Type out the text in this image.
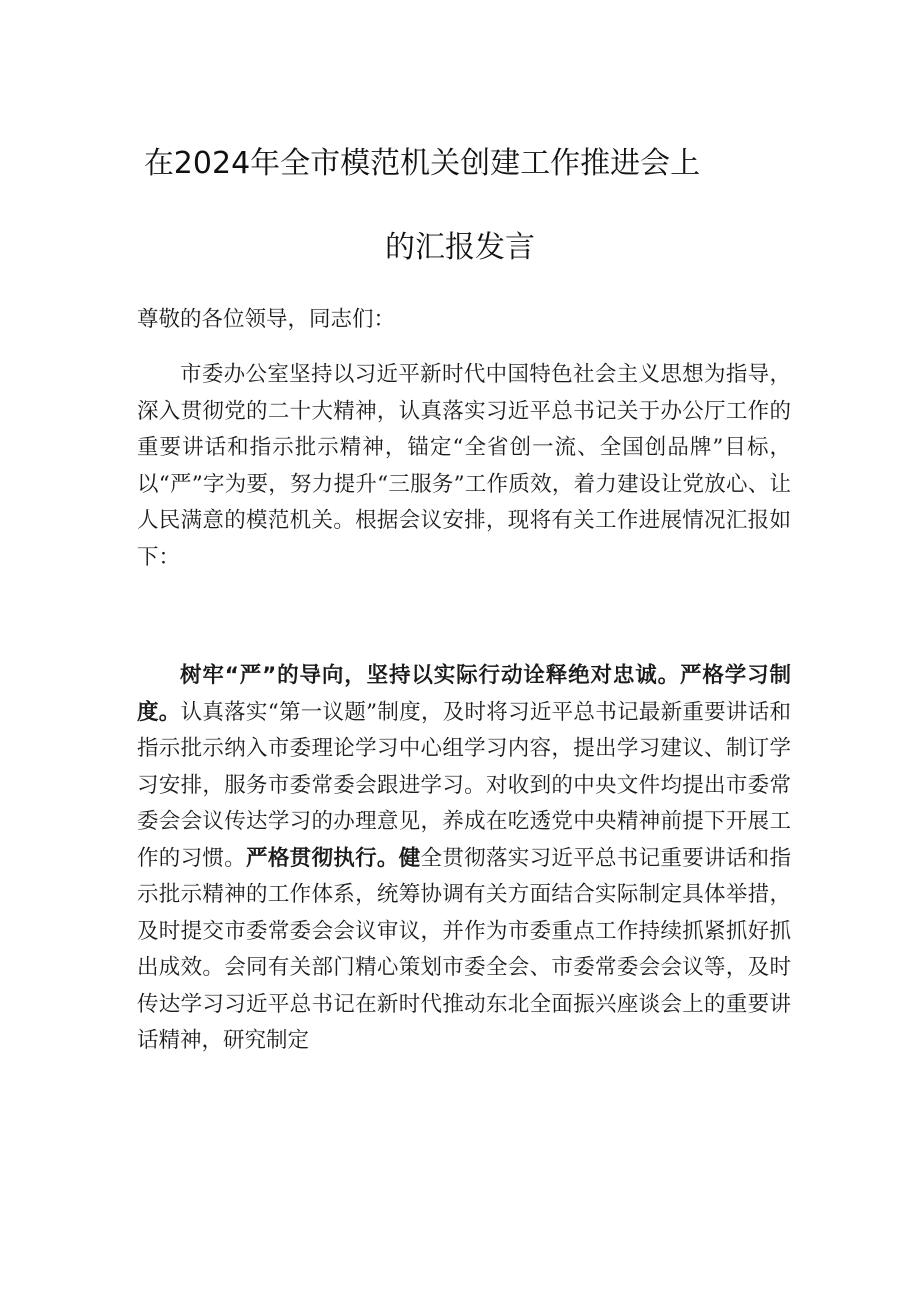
在2024年全市模范机关创建工作推进会上
的汇报发言

尊敬的各位领导，同志们：

市委办公室坚持以习近平新时代中国特色社会主义思想为指导，深入贯彻党的二十大精神，认真落实习近平总书记关于办公厅工作的重要讲话和指示批示精神，锚定“全省创一流、全国创品牌”目标，以“严”字为要，努力提升“三服务”工作质效，着力建设让党放心、让人民满意的模范机关。根据会议安排，现将有关工作进展情况汇报如下：

树牢“严”的导向，坚持以实际行动诠释绝对忠诚。严格学习制度。认真落实“第一议题”制度，及时将习近平总书记最新重要讲话和指示批示纳入市委理论学习中心组学习内容，提出学习建议、制订学习安排，服务市委常委会跟进学习。对收到的中央文件均提出市委常委会会议传达学习的办理意见，养成在吃透党中央精神前提下开展工作的习惯。严格贯彻执行。健全贯彻落实习近平总书记重要讲话和指示批示精神的工作体系，统筹协调有关方面结合实际制定具体举措，及时提交市委常委会会议审议，并作为市委重点工作持续抓紧抓好抓出成效。会同有关部门精心策划市委全会、市委常委会会议等，及时传达学习习近平总书记在新时代推动东北全面振兴座谈会上的重要讲话精神，研究制定
